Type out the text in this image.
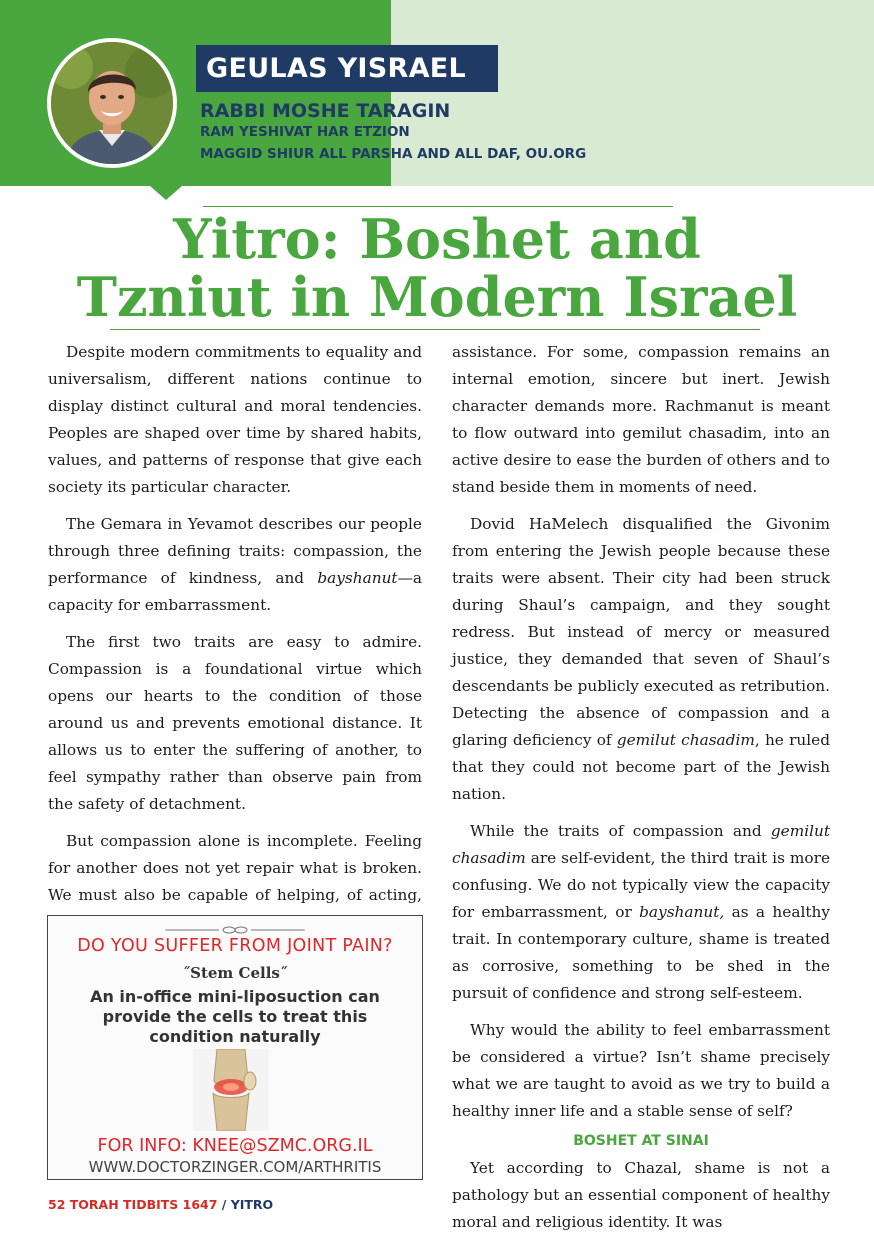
GEULAS YISRAEL
RABBI MOSHE TARAGIN
RAM YESHIVAT HAR ETZION
MAGGID SHIUR ALL PARSHA AND ALL DAF, OU.ORG
Yitro: Boshet and
Tzniut in Modern Israel

Despite modern commitments to equality and universalism, different nations continue to display distinct cultural and moral tendencies. Peoples are shaped over time by shared habits, values, and patterns of response that give each society its particular character.

The Gemara in Yevamot describes our people through three defining traits: compassion, the performance of kindness, and bayshanut—a capacity for embarrassment.

The first two traits are easy to admire. Compassion is a foundational virtue which opens our hearts to the condition of those around us and prevents emotional distance. It allows us to enter the suffering of another, to feel sympathy rather than observe pain from the safety of detachment.

But compassion alone is incomplete. Feeling for another does not yet repair what is broken. We must also be capable of helping, of acting,

assistance. For some, compassion remains an internal emotion, sincere but inert. Jewish character demands more. Rachmanut is meant to flow outward into gemilut chasadim, into an active desire to ease the burden of others and to stand beside them in moments of need.

Dovid HaMelech disqualified the Givonim from entering the Jewish people because these traits were absent. Their city had been struck during Shaul’s campaign, and they sought redress. But instead of mercy or measured justice, they demanded that seven of Shaul’s descendants be publicly executed as retribution. Detecting the absence of compassion and a glaring deficiency of gemilut chasadim, he ruled that they could not become part of the Jewish nation.

While the traits of compassion and gemilut chasadim are self-evident, the third trait is more confusing. We do not typically view the capacity for embarrassment, or bayshanut, as a healthy trait. In contemporary culture, shame is treated as corrosive, something to be shed in the pursuit of confidence and strong self-esteem.

Why would the ability to feel embarrassment be considered a virtue? Isn’t shame precisely what we are taught to avoid as we try to build a healthy inner life and a stable sense of self?

BOSHET AT SINAI

Yet according to Chazal, shame is not a pathology but an essential component of healthy moral and religious identity. It was

DO YOU SUFFER FROM JOINT PAIN?
˝Stem Cells˝
An in-office mini-liposuction can
provide the cells to treat this
condition naturally
FOR INFO: KNEE@SZMC.ORG.IL
WWW.DOCTORZINGER.COM/ARTHRITIS
52 TORAH TIDBITS 1647 / YITRO
